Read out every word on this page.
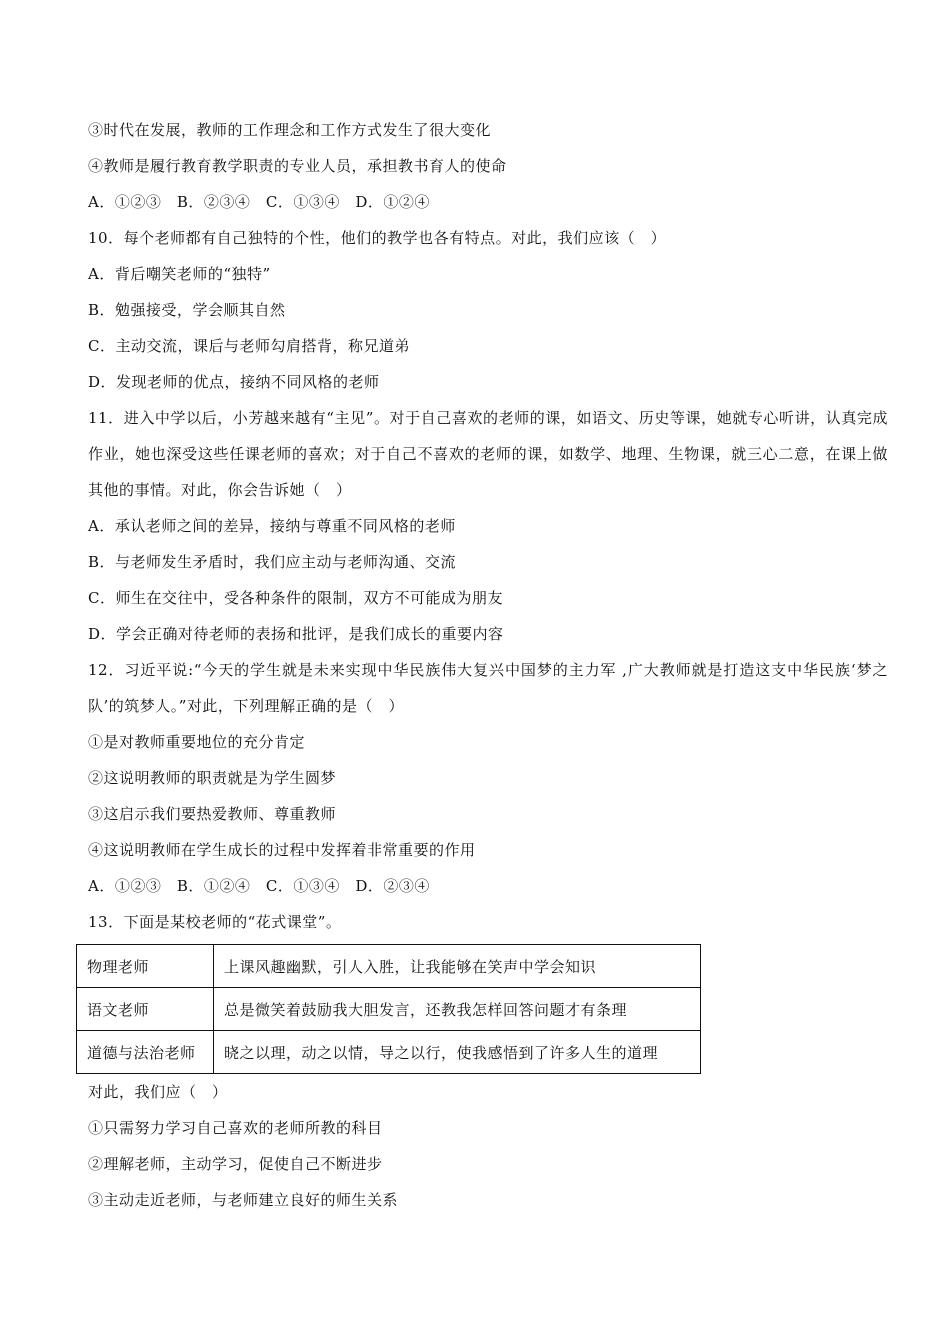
③时代在发展，教师的工作理念和工作方式发生了很大变化
④教师是履行教育教学职责的专业人员，承担教书育人的使命
A．①②③　B．②③④　C．①③④　D．①②④
10．每个老师都有自己独特的个性，他们的教学也各有特点。对此，我们应该（　）
A．背后嘲笑老师的“独特”
B．勉强接受，学会顺其自然
C．主动交流，课后与老师勾肩搭背，称兄道弟
D．发现老师的优点，接纳不同风格的老师
11．进入中学以后，小芳越来越有“主见”。对于自己喜欢的老师的课，如语文、历史等课，她就专心听讲，认真完成作业，她也深受这些任课老师的喜欢；对于自己不喜欢的老师的课，如数学、地理、生物课，就三心二意，在课上做其他的事情。对此，你会告诉她（　）
A．承认老师之间的差异，接纳与尊重不同风格的老师
B．与老师发生矛盾时，我们应主动与老师沟通、交流
C．师生在交往中，受各种条件的限制，双方不可能成为朋友
D．学会正确对待老师的表扬和批评，是我们成长的重要内容
12．习近平说:“今天的学生就是未来实现中华民族伟大复兴中国梦的主力军 ,广大教师就是打造这支中华民族‘梦之队’的筑梦人。”对此，下列理解正确的是（　）
①是对教师重要地位的充分肯定
②这说明教师的职责就是为学生圆梦
③这启示我们要热爱教师、尊重教师
④这说明教师在学生成长的过程中发挥着非常重要的作用
A．①②③　B．①②④　C．①③④　D．②③④
13．下面是某校老师的“花式课堂”。
物理老师	上课风趣幽默，引人入胜，让我能够在笑声中学会知识
语文老师	总是微笑着鼓励我大胆发言，还教我怎样回答问题才有条理
道德与法治老师	晓之以理，动之以情，导之以行，使我感悟到了许多人生的道理
对此，我们应（　）
①只需努力学习自己喜欢的老师所教的科目
②理解老师，主动学习，促使自己不断进步
③主动走近老师，与老师建立良好的师生关系
